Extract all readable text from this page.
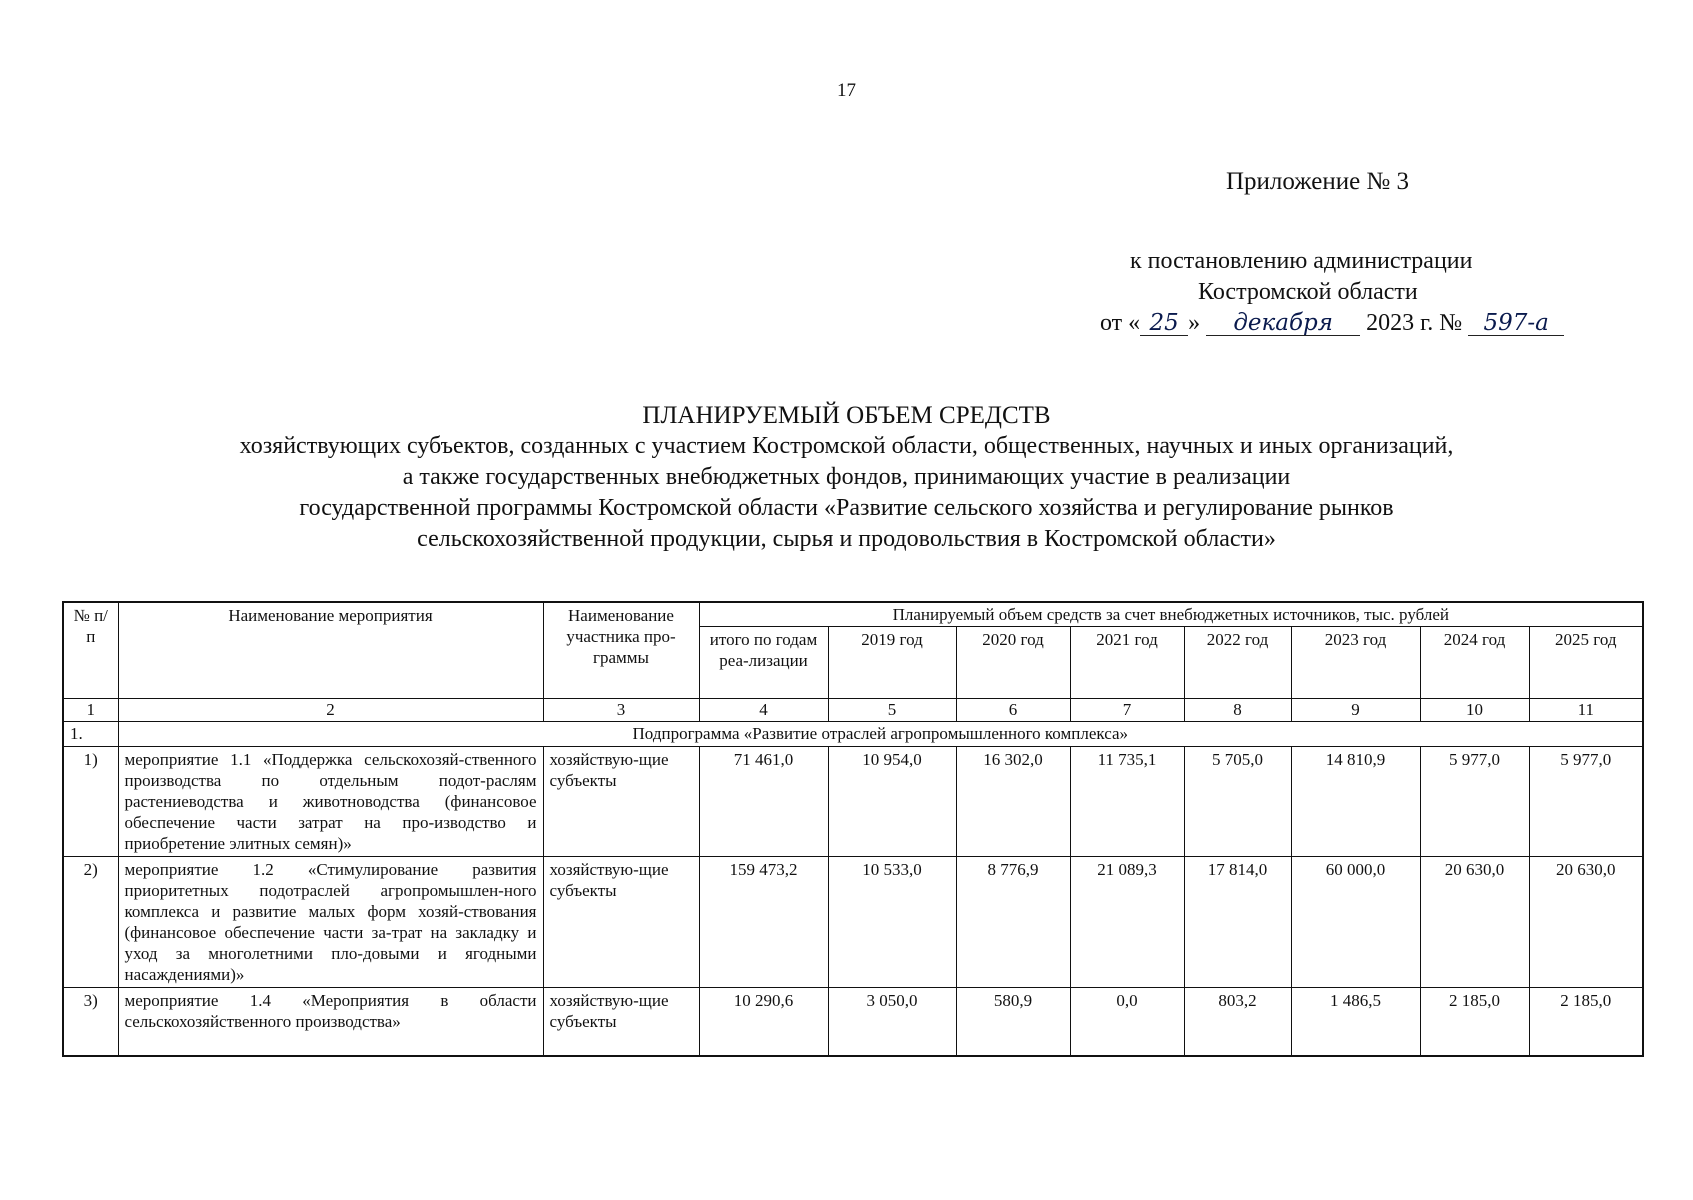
17
Приложение № 3
к постановлению администрации
Костромской области
от « 25 » декабря 2023 г. № 597-а
ПЛАНИРУЕМЫЙ ОБЪЕМ СРЕДСТВ
хозяйствующих субъектов, созданных с участием Костромской области, общественных, научных и иных организаций,
а также государственных внебюджетных фондов, принимающих участие в реализации
государственной программы Костромской области «Развитие сельского хозяйства и регулирование рынков
сельскохозяйственной продукции, сырья и продовольствия в Костромской области»
№ п/п	Наименование мероприятия	Наименование участника про-граммы	Планируемый объем средств за счет внебюджетных источников, тыс. рублей							
			итого по годам реа-лизации	2019 год	2020 год	2021 год	2022 год	2023 год	2024 год	2025 год
1	2	3	4	5	6	7	8	9	10	11
1.	Подпрограмма «Развитие отраслей агропромышленного комплекса»									
1)	мероприятие 1.1 «Поддержка сельскохозяй-ственного производства по отдельным подот-раслям растениеводства и животноводства (финансовое обеспечение части затрат на про-изводство и приобретение элитных семян)»	хозяйствую-щие субъекты	71 461,0	10 954,0	16 302,0	11 735,1	5 705,0	14 810,9	5 977,0	5 977,0
2)	мероприятие 1.2 «Стимулирование развития приоритетных подотраслей агропромышлен-ного комплекса и развитие малых форм хозяй-ствования (финансовое обеспечение части за-трат на закладку и уход за многолетними пло-довыми и ягодными насаждениями)»	хозяйствую-щие субъекты	159 473,2	10 533,0	8 776,9	21 089,3	17 814,0	60 000,0	20 630,0	20 630,0
3)	мероприятие 1.4 «Мероприятия в области сельскохозяйственного производства»	хозяйствую-щие субъекты	10 290,6	3 050,0	580,9	0,0	803,2	1 486,5	2 185,0	2 185,0
